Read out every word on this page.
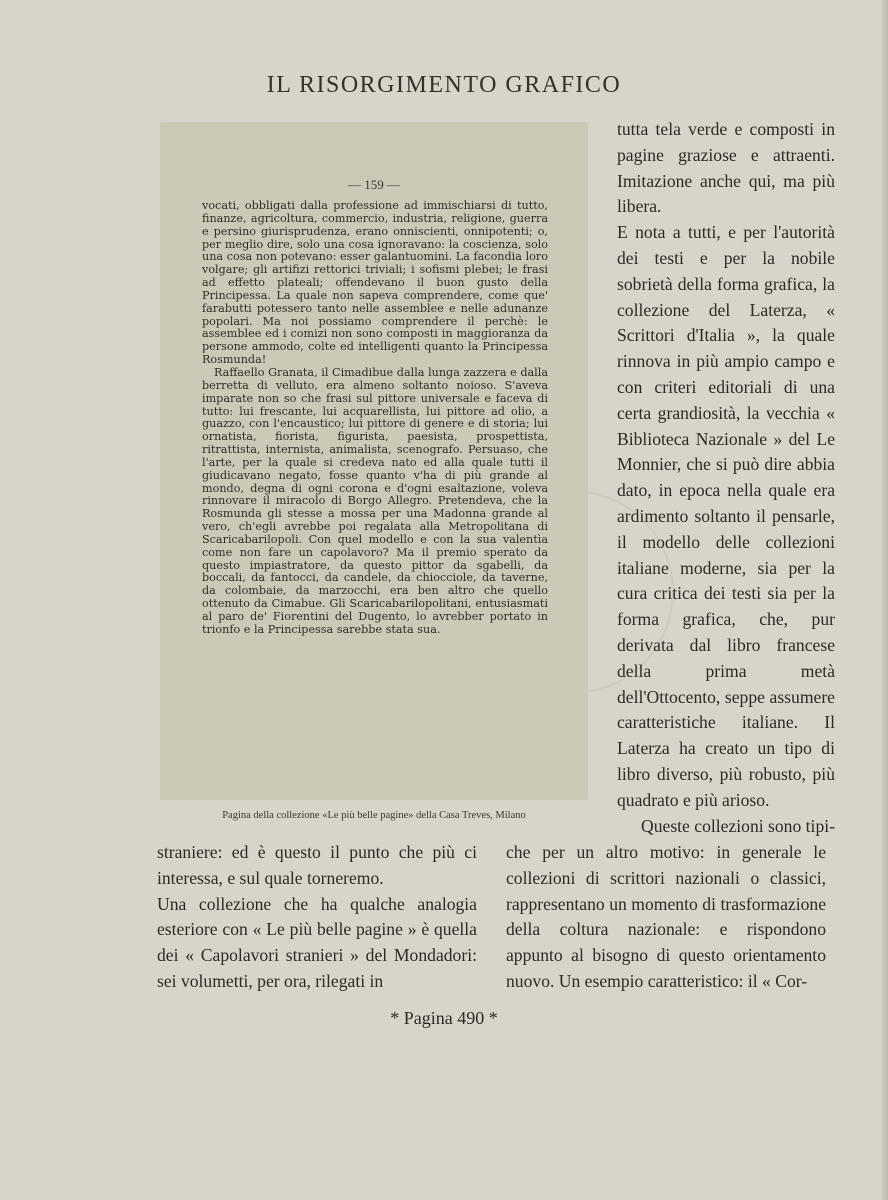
IL RISORGIMENTO GRAFICO
— 159 —

vocati, obbligati dalla professione ad immischiarsi di tutto, finanze, agricoltura, commercio, industria, religione, guerra e persino giurisprudenza, erano onniscienti, onnipotenti; o, per meglio dire, solo una cosa ignoravano: la coscienza, solo una cosa non potevano: esser galantuomini. La facondia loro volgare; gli artifizi rettorici triviali; i sofismi plebei; le frasi ad effetto plateali; offendevano il buon gusto della Principessa. La quale non sapeva comprendere, come que' farabutti potessero tanto nelle assemblee e nelle adunanze popolari. Ma noi possiamo comprendere il perchè: le assemblee ed i comizi non sono composti in maggioranza da persone ammodo, colte ed intelligenti quanto la Principessa Rosmunda!

Raffaello Granata, il Cimadibue dalla lunga zazzera e dalla berretta di velluto, era almeno soltanto noioso. S'aveva imparate non so che frasi sul pittore universale e faceva di tutto: lui frescante, lui acquarellista, lui pittore ad olio, a guazzo, con l'encaustico; lui pittore di genere e di storia; lui ornatista, fiorista, figurista, paesista, prospettista, ritrattista, internista, animalista, scenografo. Persuaso, che l'arte, per la quale si credeva nato ed alla quale tutti il giudicavano negato, fosse quanto v'ha di più grande al mondo, degna di ogni corona e d'ogni esaltazione, voleva rinnovare il miracolo di Borgo Allegro. Pretendeva, che la Rosmunda gli stesse a mossa per una Madonna grande al vero, ch'egli avrebbe poi regalata alla Metropolitana di Scaricabarilopoli. Con quel modello e con la sua valentìa come non fare un capolavoro? Ma il premio sperato da questo impiastratore, da questo pittor da sgabelli, da boccali, da fantocci, da candele, da chiocciole, da taverne, da colombaie, da marzocchi, era ben altro che quello ottenuto da Cimabue. Gli Scaricabarilopolitani, entusiasmati al paro de' Fiorentini del Dugento, lo avrebber portato in trionfo e la Principessa sarebbe stata sua.

Pagina della collezione «Le più belle pagine» della Casa Treves, Milano

tutta tela verde e composti in pagine graziose e attraenti. Imitazione anche qui, ma più libera.

E nota a tutti, e per l'autorità dei testi e per la nobile sobrietà della forma grafica, la collezione del Laterza, « Scrittori d'Italia », la quale rinnova in più ampio campo e con criteri editoriali di una certa grandiosità, la vecchia « Biblioteca Nazionale » del Le Monnier, che si può dire abbia dato, in epoca nella quale era ardimento soltanto il pensarle, il modello delle collezioni italiane moderne, sia per la cura critica dei testi sia per la forma grafica, che, pur derivata dal libro francese della prima metà dell'Ottocento, seppe assumere caratteristiche italiane. Il Laterza ha creato un tipo di libro diverso, più robusto, più quadrato e più arioso.

Queste collezioni sono tipi-

straniere: ed è questo il punto che più ci interessa, e sul quale torneremo.

Una collezione che ha qualche analogia esteriore con « Le più belle pagine » è quella dei « Capolavori stranieri » del Mondadori: sei volumetti, per ora, rilegati in

che per un altro motivo: in generale le collezioni di scrittori nazionali o classici, rappresentano un momento di trasformazione della coltura nazionale: e rispondono appunto al bisogno di questo orientamento nuovo. Un esempio caratteristico: il « Cor-

* Pagina 490 *
